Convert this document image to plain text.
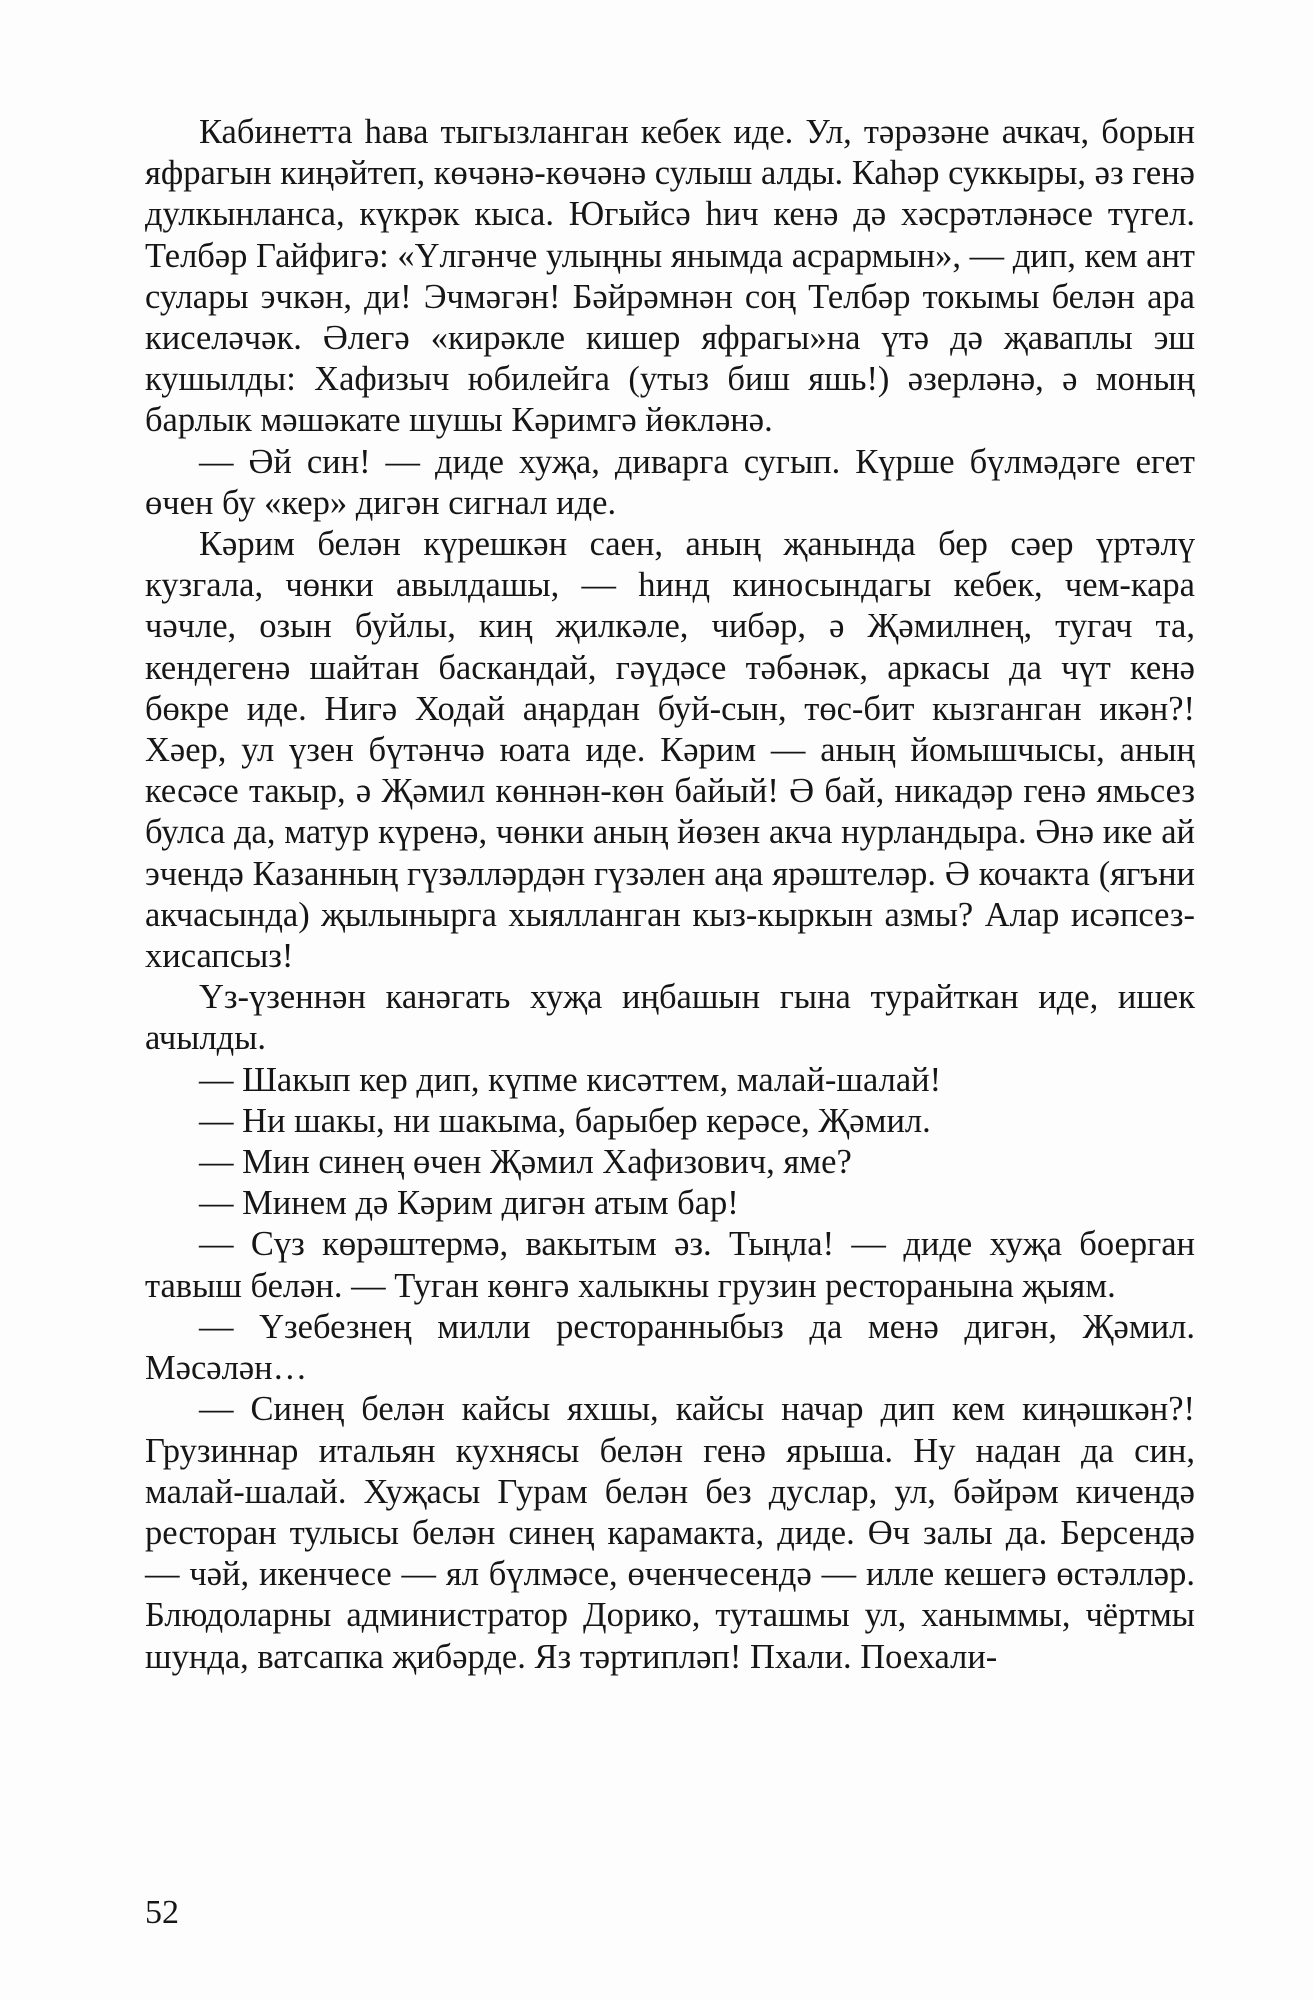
Кабинетта һава тыгызланган кебек иде. Ул, тәрәзәне ачкач, борын яфрагын киңәйтеп, көчәнә-көчәнә сулыш алды. Каһәр суккыры, әз генә дулкынланса, күкрәк кыса. Югыйсә һич кенә дә хәсрәтләнәсе түгел. Телбәр Гайфигә: «Үлгәнче улыңны янымда асрармын», — дип, кем ант сулары эчкән, ди! Эчмәгән! Бәйрәмнән соң Телбәр токымы белән ара киселәчәк. Әлегә «кирәкле кишер яфрагы»на үтә дә җаваплы эш кушылды: Хафизыч юбилейга (утыз биш яшь!) әзерләнә, ә моның барлык мәшәкате шушы Кәримгә йөкләнә.

— Әй син! — диде хуҗа, диварга сугып. Күрше бүлмәдәге егет өчен бу «кер» дигән сигнал иде.

Кәрим белән күрешкән саен, аның җанында бер сәер үртәлү кузгала, чөнки авылдашы, — һинд киносындагы кебек, чем-кара чәчле, озын буйлы, киң җилкәле, чибәр, ә Җәмилнең, тугач та, кендегенә шайтан баскандай, гәүдәсе тәбәнәк, аркасы да чүт кенә бөкре иде. Нигә Ходай аңардан буй-сын, төс-бит кызганган икән?! Хәер, ул үзен бүтәнчә юата иде. Кәрим — аның йомышчысы, аның кесәсе такыр, ә Җәмил көннән-көн байый! Ә бай, никадәр генә ямьсез булса да, матур күренә, чөнки аның йөзен акча нурландыра. Әнә ике ай эчендә Казанның гүзәлләрдән гүзәлен аңа ярәштеләр. Ә кочакта (ягъни акчасында) җылынырга хыялланган кыз-кыркын азмы? Алар исәпсез-хисапсыз!

Үз-үзеннән канәгать хуҗа иңбашын гына турайткан иде, ишек ачылды.

— Шакып кер дип, күпме кисәттем, малай-шалай!

— Ни шакы, ни шакыма, барыбер керәсе, Җәмил.

— Мин синең өчен Җәмил Хафизович, яме?

— Минем дә Кәрим дигән атым бар!

— Сүз көрәштермә, вакытым әз. Тыңла! — диде хуҗа боерган тавыш белән. — Туган көнгә халыкны грузин ресторанына җыям.

— Үзебезнең милли ресторанныбыз да менә дигән, Җәмил. Мәсәлән…

— Синең белән кайсы яхшы, кайсы начар дип кем киңәшкән?! Грузиннар итальян кухнясы белән генә ярыша. Ну надан да син, малай-шалай. Хуҗасы Гурам белән без дуслар, ул, бәйрәм кичендә ресторан тулысы белән синең карамакта, диде. Өч залы да. Берсендә — чәй, икенчесе — ял бүлмәсе, өченчесендә — илле кешегә өстәлләр. Блюдоларны администратор Дорико, туташмы ул, ханыммы, чёртмы шунда, ватсапка җибәрде. Яз тәртипләп! Пхали. Поехали-

52
